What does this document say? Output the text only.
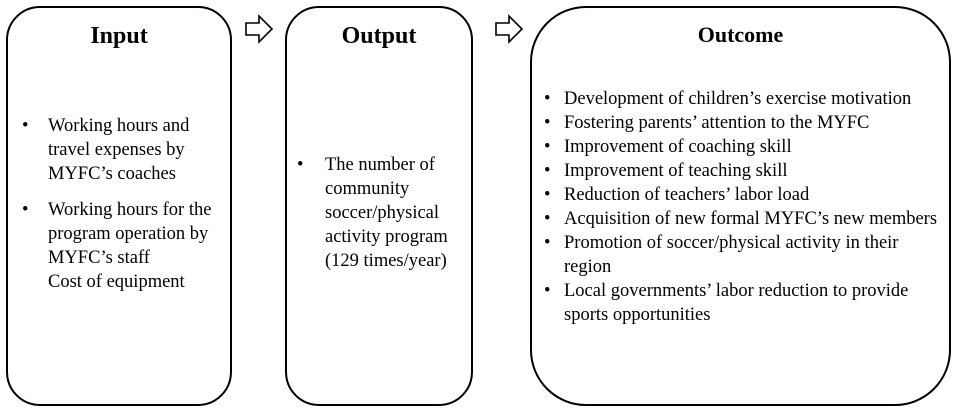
Input
• Working hours and travel expenses by MYFC’s coaches
• Working hours for the program operation by MYFC’s staff
Cost of equipment
Output
• The number of community soccer/physical activity program (129 times/year)
Outcome
• Development of children’s exercise motivation
• Fostering parents’ attention to the MYFC
• Improvement of coaching skill
• Improvement of teaching skill
• Reduction of teachers’ labor load
• Acquisition of new formal MYFC’s new members
• Promotion of soccer/physical activity in their region
• Local governments’ labor reduction to provide sports opportunities
